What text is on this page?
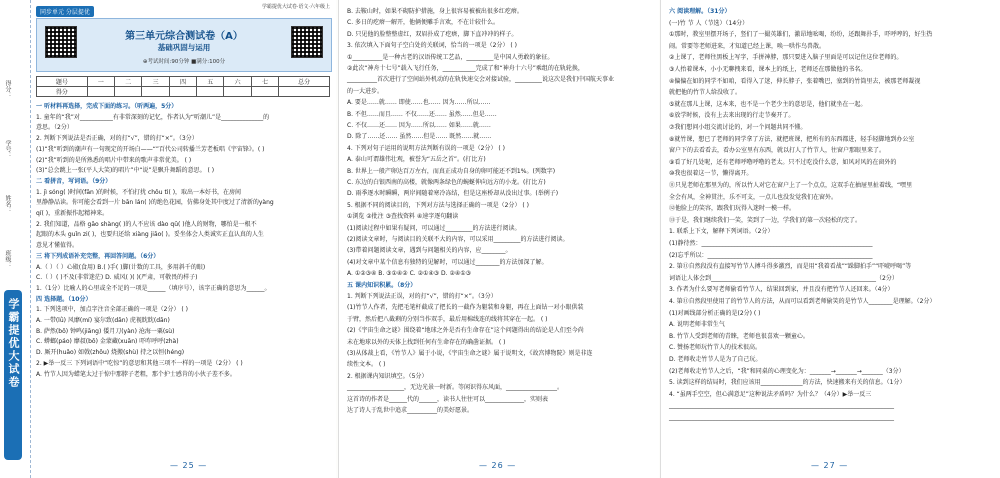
得分：
学号：
姓名：
班级：
学霸提优大试卷
同步单元 分层提优
学霸提优大试卷·语文·六年级上
第三单元综合测试卷（A）
基础巩固与运用
⊕考试时间:90分钟 ■满分:100分
题号	一	二	三	四	五	六	七	总分
得分								
一 听材料再选择，完成下面的练习。（听两遍，5分）
1. 童年的“我”对___________有非常深刻的记忆，作者认为“听潮儿”是______________的
意思。（2分）
2. 判断下列说法是否正确，对的打“√”，错的打“×”。（3分）
(1)“我”听到的潮声有一句现定的开场白——“”百代公司转播兰芳老板唱《宇宙锋》。( )
(2)“我”听到的是所熟悉的唱片中带来的歌声非常优美。 ( )
(3)“总会跳上一张(平人大笑)的唱片”中“说”是飘升舞蹈的意思。 ( )
二 看拼音，写词语。（9分）
1. jì sóng( )时间(fān )的时候，不怕打扰 chǒu tì( )，取出一本好书，在房间
里静静品读。你可能会看到一片 bān lán( )的绝色花园，仿佛身处其中度过了清新的yàng
qí( )，重新振作起精神来。
2. 我们知道，品格 gāo shàng( )的人不应该 dào qū( )他人的财物，哪怕是一根不
起眼的木头 guǐn zi( )，也要归还给 xiàng jiāo( )。妥坐体会人类诚实正直认真的人生
意见才懂值得。
三 将下列成语补充完整，再回答问题。（6分）
A.（ ）（ ）心殿(食用) B.( )手( )脚(计数的工具，多用斜千的眼)
C.（ ）( )不及(非常迷茫) D. 威风( )( )(严肃，可敬畏的样子)
1.（1分）比喻人的心里或全不足的一项是______（填序号），该字正确的意思为______。
四 选择题。（10分）
1. 下列选项中，加点字注音全部正确的一项是（2分） ( )
A. 一带(lǜ) 风靡(mí) 宴尔致(dān) 虎视眈眈(dān)
B. 萨然(bō) 钟鸣(jiāng) 倭月刀(yàn) 沧海一粟(sù)
C. 蟒螂(páo) 靡叔(bō) 金蒙藏(xuān) 吓咋呼呼(zhà)
D. 厮开(huǎo) 如戟(zhōu) 烧搬(shù) 持之以恒(héng)
2. ▶举一反三 下列词语中“吃惊”的意思和其他三项不一样的一项是（2分） ( )
A. 竹节人因为蜡笔太过于惊中那脖子老粗，那个护士感肯的小伙子差不多。
— 25 —
B. 去鞍山时，如果不砌防护措施，身上很容易被被出很多红疙瘩。
C. 多日的疙瘩一解开，他俩便雕手言欢，不在计较什么。
D. 只见他的脸整整虚红，双眉扑成了疙瘩，脚下直冲冲的样子。
3. 依次填入下面句子空白处的关联词，恰当的一项是（2分） ( )
①__________是一种古老的汉语传统工艺品，_________是中国人勇敢的象征。
②此次“神舟十七号”载入飞行任务，___________完成了和“神舟十六号”乘组的在轨轮换，
__________首次进行了空间站外机动的在轨快速交会对接试验，_________说这次是我们中国航天事业
的一大进步。
A. 要是……就…… 即使……也…… 因为……所以……
B. 不但……而且…… 不仅……还…… 虽然……但是……
C. 不仅……还…… 因为……所以…… 如果……就……
D. 除了……还…… 虽然……但是…… 既然……就……
4. 下列对句子运用的说明方法判断有误的一项是（2分） ( )
A. 泰山可谓雄伟壮观，被誉为“五岳之首”。(打比方)
B. 世界上一般产卵达百万左右，而真正成功自身的卵可能还不到1%。(列数字)
C. 东边的白银西南的高楼，就像两条绿色的蜿蜒伸向远方的小龙。(打比方)
D. 雨季逐水时瞬瞬，两岸间随着寒冷冻结，但是这座桥却从没出过事。(举例子)
5. 根据不同的阅读目的，下列对方法与选择正确的一项是（2分） ( )
①浏览 ②批注 ③查找资料 ④速字逐句翻读
(1)阅读过程中如果有疑问，可以通过_________的方法进行阅读。
(2)阅读文章时，与阅读目的关联不大的内容，可以采用_________的方法进行阅读。
(3)带着问题阅读文章，遇到与问题相关的内容，应________。
(4)对文章中某个信息有独特的见解时，可以通过________的方法加深了解。
A. ①②③④ B. ③①④② C. ②①④③ D. ②④①③
五 课内知识积累。（8分）
1. 判断下列说法正误，对的打“√”，错的打“×”。（3分）
(1)竹节人作者，先把毛笔杆截成了把长的一截作为躯装和身躯，再在上面钻一对小眼供装
于臂，然后把八截剩的分别当作双手，最后用棉线连的线将其穿在一起。 ( )
(2)《宇宙生命之谜》围绕着“地球之外是否有生命存在”这个问题得出的结论是人们至今尚
未在地球以外的天体上找到任何有生命存在的确凿证据。 ( )
(3)从体裁上看，《竹节人》属于小说，《宇宙生命之谜》属于说明文，《故宫博物院》则是非连
续性文本。 ( )
2. 根据课内知识填空。（5分）
___________________，无边光景一时新。等闲识得东风面，_________________。
这首诗的作者是______代的______，读书人往往可以_____________，实则表
达了诗人于乱世中追求__________的美好愿景。
— 26 —
六 阅读理解。（31分）
(一)竹 节 人（节选）（14分）
①那时，教室里摆开场子，竖们了一撮英雄们，激昂地吆喝，纷纷，还跟舞扑手，吓呼哼的，好生热
闹。常要等老师进来，才知道已经上课，唤一哄作鸟兽散。
②上课了，老师往黑板上写字，手拼神脖，那只要进入脑子里面是可以记住这位老师的。
③人抬着课本，小小无聊拽来看，课本上的纸上，老师还在那做他的书名。
④偏偏在如的同学不如咱，看得入了迷，伸长脖子，张着嘴巴，塞到的竹筒里去，被那老师凝视
就把他的竹节人给没收了。
⑤就在那儿上课，这本来，也不是一个老少主的意思是，他们就坐在一起。
⑥放学时候，没有上去来出现的行走节奏开了。
⑦我们想问小组交流讨论的，对一个问题共同不懂。
⑧就竹课，想已了老师的同学拿了方法，就把班课，把所有的东西都进，轻手轻脚地到办公室
窗户下的去看看去，看办公室里有东西，就以打人了竹节人，往窗户那眼里来了。
⑨看了好几处呢，还有老师呼噜呼噜的老太。只不过吃没什么意，如风对风的在窗外的
⑩我也很着这一节，懒得离开。
⑪只见老师在那里为的，所以竹人对它在窗户上了一个点点，这双手在抽屉里扯着线，“嘿里
全会有风，全神贯注，乐不可支，一点儿也没发觉我们在窗外。
⑫他脸上的笑容，跟我们玩得入迷时一模一样。
⑬于是，我们继续我们一笑，笑到了一边，学我们的第一次轻松的完了。
1. 联系上下文，解释下列词语。（2分）
(1)静待然：_________________________________________________________
(2)忘乎所以：_______________________________________________________
2. 第⑪自然段没有直接写竹节人搏斗得多激烈，而是用“我着看战”“跺脚拍手”“吓唬呼喝”等
词语让人体会到_______________________________________________________（2分）
3. 作者为什么要写老师偷看竹节人，结果回到家，并且没有把竹节人还回来。（4分）
4. 第⑪自然段里使用了的竹节人的方法，从而可以看到老师偷笑的是竹节人________是理解。（2分）
(1)对画线部分析正确的是(2分) ( )
A. 说明老师非常生气
B. 竹节人受到老师的青睐，老师也很喜欢一颗童心。
C. 赞扬老师玩竹节人的技术很高。
D. 老师收走竹节人是为了自己玩。
(2)老师收走竹节人之后，“我”和同桌的心理变化为：_______→_______→_______（3分）
5. 读到这样的结局时，我们应该用______________的方法，快速搬来有关的信息。（1分）
4. “虽两手空空，但心满意足”这种说法矛盾吗？为什么？（4分）▶举一反三
___________________________________________________________________________
___________________________________________________________________________
— 27 —
